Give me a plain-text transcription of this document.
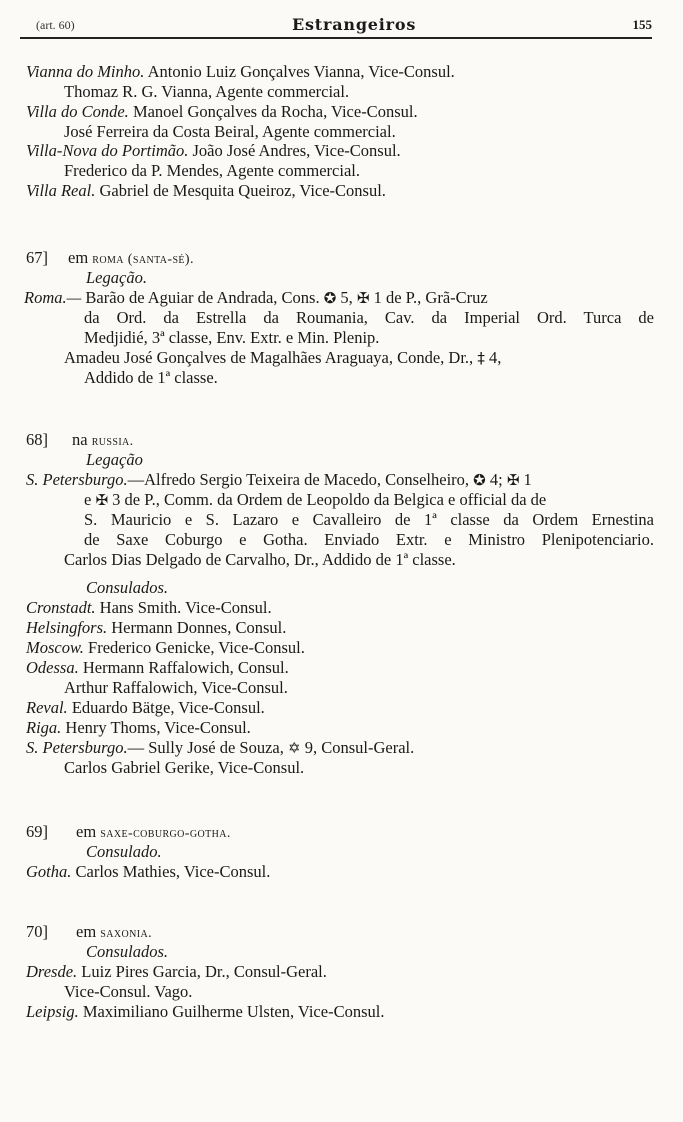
(art. 60)	Estrangeiros	155
Vianna do Minho. Antonio Luiz Gonçalves Vianna, Vice-Consul.
Thomaz R. G. Vianna, Agente commercial.
Villa do Conde. Manoel Gonçalves da Rocha, Vice-Consul.
José Ferreira da Costa Beiral, Agente commercial.
Villa-Nova do Portimão. João José Andres, Vice-Consul.
Frederico da P. Mendes, Agente commercial.
Villa Real. Gabriel de Mesquita Queiroz, Vice-Consul.
67] em roma (santa-sé).
Legação.
Roma.— Barão de Aguiar de Andrada, Cons. ✪ 5, ✠ 1 de P., Grã-Cruz
da Ord. da Estrella da Roumania, Cav. da Imperial Ord. Turca de
Medjidié, 3ª classe, Env. Extr. e Min. Plenip.
Amadeu José Gonçalves de Magalhães Araguaya, Conde, Dr., ‡ 4,
Addido de 1ª classe.
68] na russia.
Legação
S. Petersburgo.—Alfredo Sergio Teixeira de Macedo, Conselheiro, ✪ 4; ✠ 1
e ✠ 3 de P., Comm. da Ordem de Leopoldo da Belgica e official da de
S. Mauricio e S. Lazaro e Cavalleiro de 1ª classe da Ordem Ernestina
de Saxe Coburgo e Gotha. Enviado Extr. e Ministro Plenipotenciario.
Carlos Dias Delgado de Carvalho, Dr., Addido de 1ª classe.
Consulados.
Cronstadt. Hans Smith. Vice-Consul.
Helsingfors. Hermann Donnes, Consul.
Moscow. Frederico Genicke, Vice-Consul.
Odessa. Hermann Raffalowich, Consul.
Arthur Raffalowich, Vice-Consul.
Reval. Eduardo Bätge, Vice-Consul.
Riga. Henry Thoms, Vice-Consul.
S. Petersburgo.— Sully José de Souza, ✡ 9, Consul-Geral.
Carlos Gabriel Gerike, Vice-Consul.
69] em saxe-coburgo-gotha.
Consulado.
Gotha. Carlos Mathies, Vice-Consul.
70] em saxonia.
Consulados.
Dresde. Luiz Pires Garcia, Dr., Consul-Geral.
Vice-Consul. Vago.
Leipsig. Maximiliano Guilherme Ulsten, Vice-Consul.
